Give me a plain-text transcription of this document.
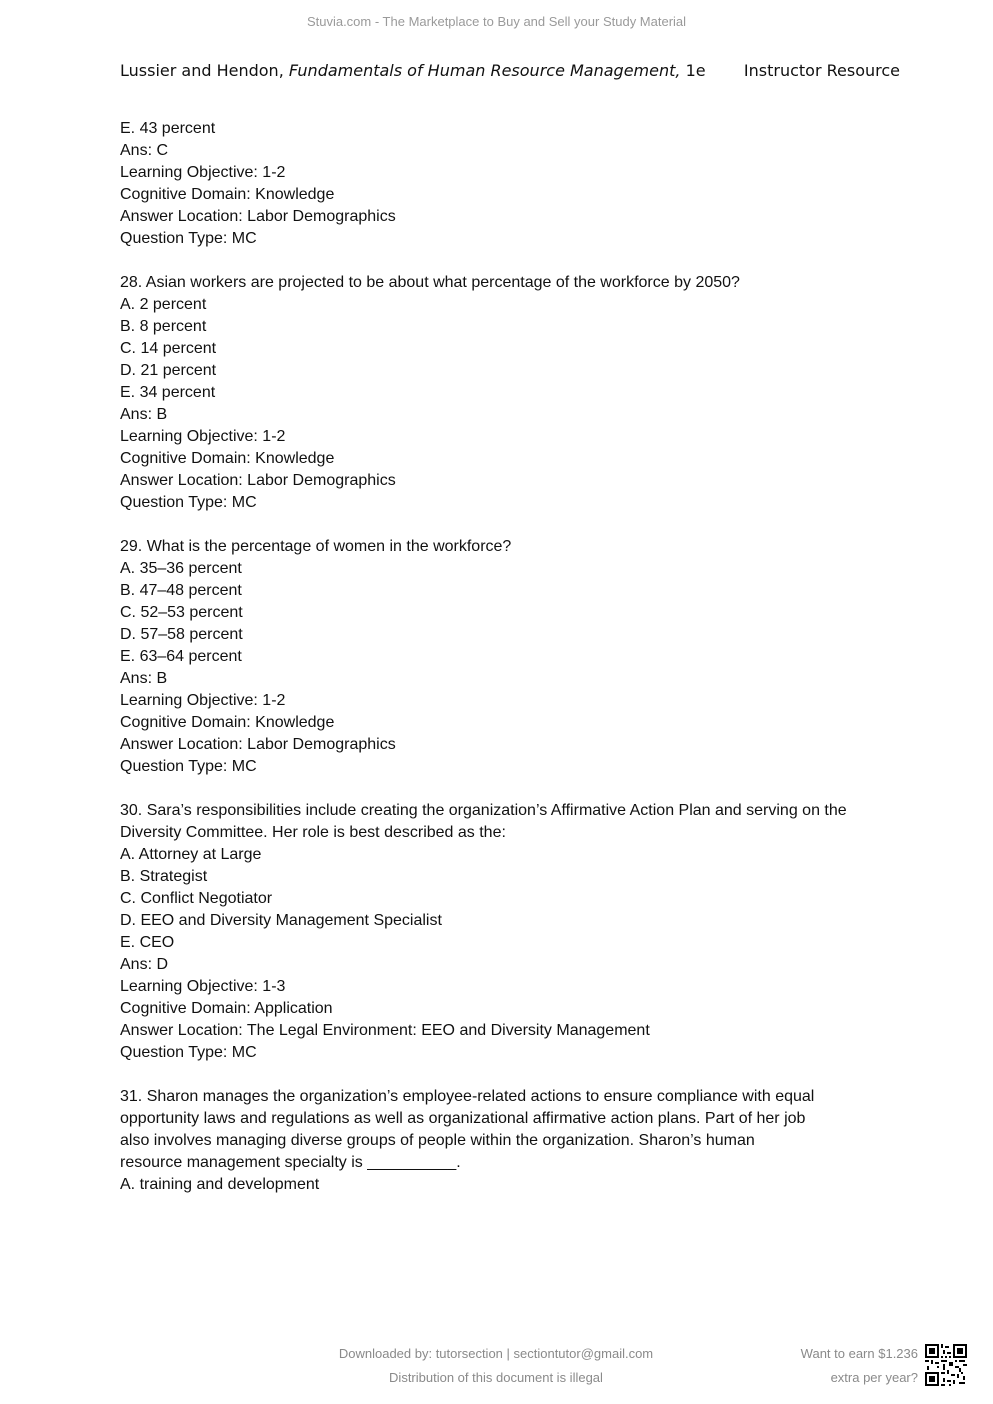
Stuvia.com - The Marketplace to Buy and Sell your Study Material
Lussier and Hendon, Fundamentals of Human Resource Management, 1e Instructor Resource
E. 43 percent
Ans: C
Learning Objective: 1-2
Cognitive Domain: Knowledge
Answer Location: Labor Demographics
Question Type: MC
28. Asian workers are projected to be about what percentage of the workforce by 2050?
A. 2 percent
B. 8 percent
C. 14 percent
D. 21 percent
E. 34 percent
Ans: B
Learning Objective: 1-2
Cognitive Domain: Knowledge
Answer Location: Labor Demographics
Question Type: MC
29. What is the percentage of women in the workforce?
A. 35–36 percent
B. 47–48 percent
C. 52–53 percent
D. 57–58 percent
E. 63–64 percent
Ans: B
Learning Objective: 1-2
Cognitive Domain: Knowledge
Answer Location: Labor Demographics
Question Type: MC
30. Sara’s responsibilities include creating the organization’s Affirmative Action Plan and serving on the Diversity Committee. Her role is best described as the:
A. Attorney at Large
B. Strategist
C. Conflict Negotiator
D. EEO and Diversity Management Specialist
E. CEO
Ans: D
Learning Objective: 1-3
Cognitive Domain: Application
Answer Location: The Legal Environment: EEO and Diversity Management
Question Type: MC
31. Sharon manages the organization’s employee-related actions to ensure compliance with equal opportunity laws and regulations as well as organizational affirmative action plans. Part of her job also involves managing diverse groups of people within the organization. Sharon’s human resource management specialty is __________.
A. training and development
Downloaded by: tutorsection | sectiontutor@gmail.com
Distribution of this document is illegal
Want to earn $1.236
extra per year?
